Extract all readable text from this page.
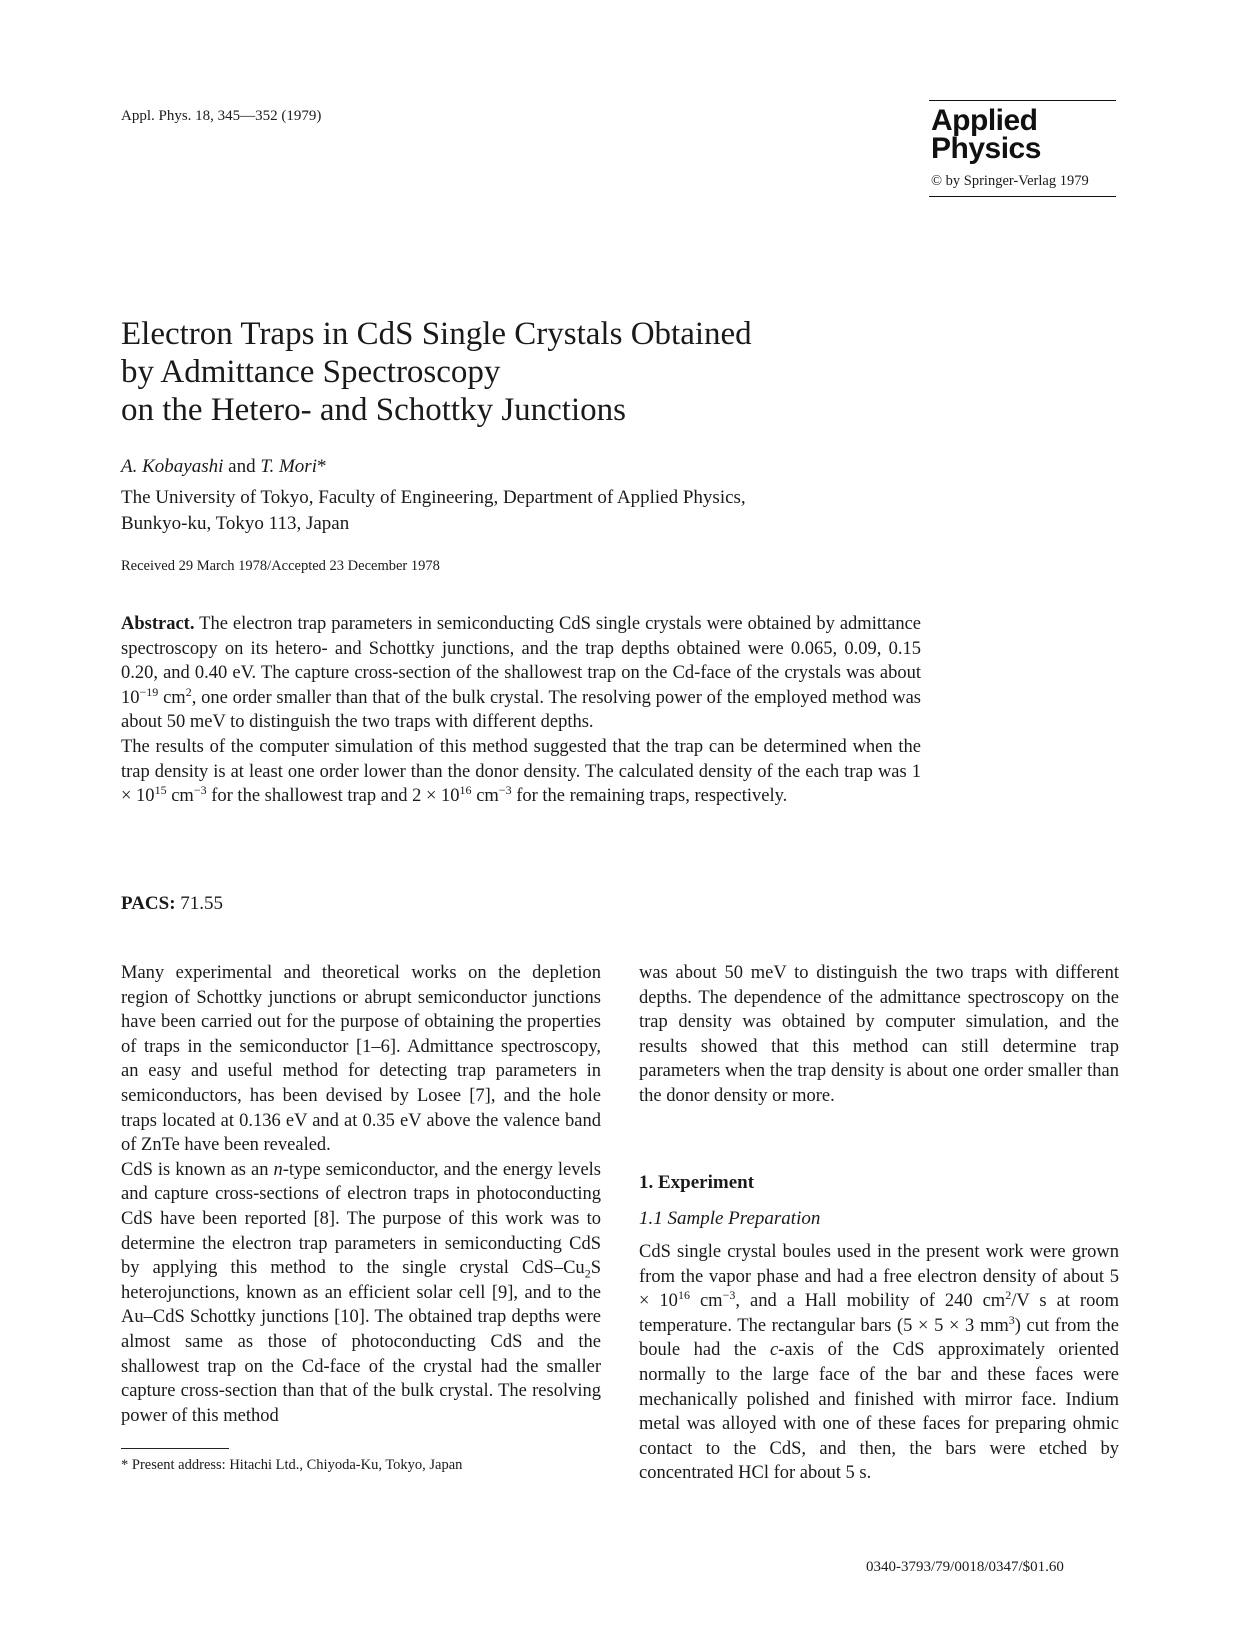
Appl. Phys. 18, 345—352 (1979)	Applied
Physics
© by Springer-Verlag 1979
Electron Traps in CdS Single Crystals Obtained
by Admittance Spectroscopy
on the Hetero- and Schottky Junctions
A. Kobayashi and T. Mori*
The University of Tokyo, Faculty of Engineering, Department of Applied Physics,
Bunkyo-ku, Tokyo 113, Japan
Received 29 March 1978/Accepted 23 December 1978

Abstract. The electron trap parameters in semiconducting CdS single crystals were obtained by admittance spectroscopy on its hetero- and Schottky junctions, and the trap depths obtained were 0.065, 0.09, 0.15 0.20, and 0.40 eV. The capture cross-section of the shallowest trap on the Cd-face of the crystals was about $10^{-19}$ $cm^2$, one order smaller than that of the bulk crystal. The resolving power of the employed method was about 50 meV to distinguish the two traps with different depths.

The results of the computer simulation of this method suggested that the trap can be determined when the trap density is at least one order lower than the donor density. The calculated density of the each trap was $1 \times 10^{15}$ $cm^{-3}$ for the shallowest trap and $2 \times 10^{16}$ $cm^{-3}$ for the remaining traps, respectively.

PACS: 71.55

Many experimental and theoretical works on the depletion region of Schottky junctions or abrupt semiconductor junctions have been carried out for the purpose of obtaining the properties of traps in the semiconductor [1–6]. Admittance spectroscopy, an easy and useful method for detecting trap parameters in semiconductors, has been devised by Losee [7], and the hole traps located at 0.136 eV and at 0.35 eV above the valence band of ZnTe have been revealed.

CdS is known as an n-type semiconductor, and the energy levels and capture cross-sections of electron traps in photoconducting CdS have been reported [8]. The purpose of this work was to determine the electron trap parameters in semiconducting CdS by applying this method to the single crystal CdS–$Cu_2S$ heterojunctions, known as an efficient solar cell [9], and to the Au–CdS Schottky junctions [10]. The obtained trap depths were almost same as those of photoconducting CdS and the shallowest trap on the Cd-face of the crystal had the smaller capture cross-section than that of the bulk crystal. The resolving power of this method

was about 50 meV to distinguish the two traps with different depths. The dependence of the admittance spectroscopy on the trap density was obtained by computer simulation, and the results showed that this method can still determine trap parameters when the trap density is about one order smaller than the donor density or more.

1. Experiment
1.1 Sample Preparation

CdS single crystal boules used in the present work were grown from the vapor phase and had a free electron density of about $5 \times 10^{16}$ $cm^{-3}$, and a Hall mobility of 240 $cm^2/V$ s at room temperature. The rectangular bars (5 × 5 × 3 $mm^3$) cut from the boule had the c-axis of the CdS approximately oriented normally to the large face of the bar and these faces were mechanically polished and finished with mirror face. Indium metal was alloyed with one of these faces for preparing ohmic contact to the CdS, and then, the bars were etched by concentrated HCl for about 5 s.

* Present address: Hitachi Ltd., Chiyoda-Ku, Tokyo, Japan
0340-3793/79/0018/0347/$01.60
